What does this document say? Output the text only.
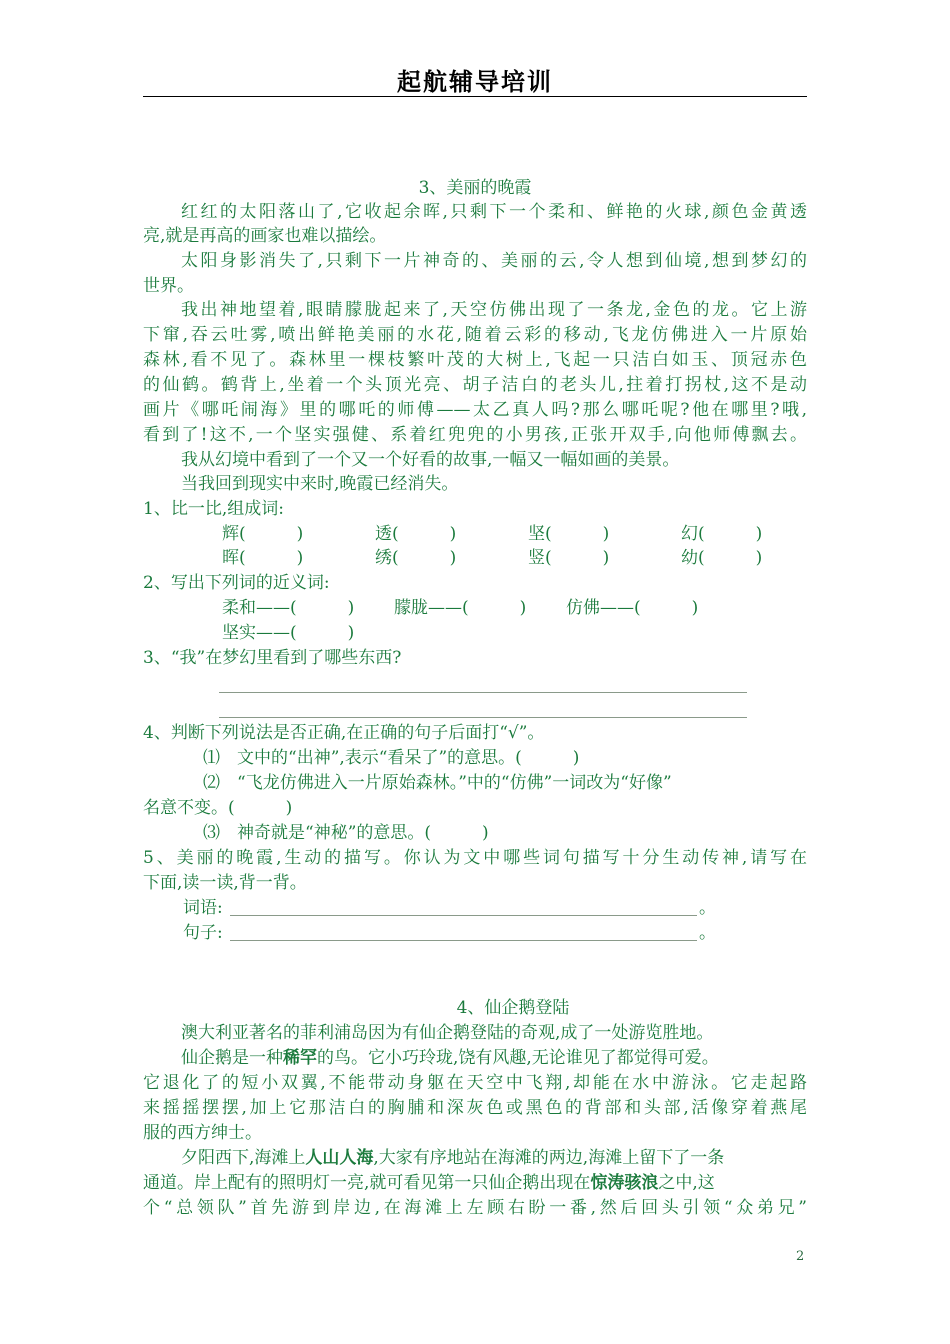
起航辅导培训
3、美丽的晚霞
红红的太阳落山了,它收起余晖,只剩下一个柔和、鲜艳的火球,颜色金黄透
亮,就是再高的画家也难以描绘。
太阳身影消失了,只剩下一片神奇的、美丽的云,令人想到仙境,想到梦幻的
世界。
我出神地望着,眼睛朦胧起来了,天空仿佛出现了一条龙,金色的龙。它上游
下窜,吞云吐雾,喷出鲜艳美丽的水花,随着云彩的移动,飞龙仿佛进入一片原始
森林,看不见了。森林里一棵枝繁叶茂的大树上,飞起一只洁白如玉、顶冠赤色
的仙鹤。鹤背上,坐着一个头顶光亮、胡子洁白的老头儿,拄着打拐杖,这不是动
画片《哪吒闹海》里的哪吒的师傅——太乙真人吗?那么哪吒呢?他在哪里?哦,
看到了!这不,一个坚实强健、系着红兜兜的小男孩,正张开双手,向他师傅飘去。
我从幻境中看到了一个又一个好看的故事,一幅又一幅如画的美景。
当我回到现实中来时,晚霞已经消失。
1、比一比,组成词:
辉(　　　)	透(　　　)	坚(　　　)	幻(　　　)
晖(　　　)	绣(　　　)	竖(　　　)	幼(　　　)
2、写出下列词的近义词:
柔和——(　　　) 朦胧——(　　　) 仿佛——(　　　)
坚实——(　　　)
3、“我”在梦幻里看到了哪些东西?
4、判断下列说法是否正确,在正确的句子后面打“√”。
⑴　文中的“出神”,表示“看呆了”的意思。(　　　)
⑵　“飞龙仿佛进入一片原始森林。”中的“仿佛”一词改为“好像”
名意不变。(　　　)
⑶　神奇就是“神秘”的意思。(　　　)
5、美丽的晚霞,生动的描写。你认为文中哪些词句描写十分生动传神,请写在
下面,读一读,背一背。
词语:	。
句子:	。
4、仙企鹅登陆
澳大利亚著名的菲利浦岛因为有仙企鹅登陆的奇观,成了一处游览胜地。
仙企鹅是一种稀罕的鸟。它小巧玲珑,饶有风趣,无论谁见了都觉得可爱。
它退化了的短小双翼,不能带动身躯在天空中飞翔,却能在水中游泳。它走起路
来摇摇摆摆,加上它那洁白的胸脯和深灰色或黑色的背部和头部,活像穿着燕尾
服的西方绅士。
夕阳西下,海滩上人山人海,大家有序地站在海滩的两边,海滩上留下了一条
通道。岸上配有的照明灯一亮,就可看见第一只仙企鹅出现在惊涛骇浪之中,这
个“总领队”首先游到岸边,在海滩上左顾右盼一番,然后回头引领“众弟兄”
2
